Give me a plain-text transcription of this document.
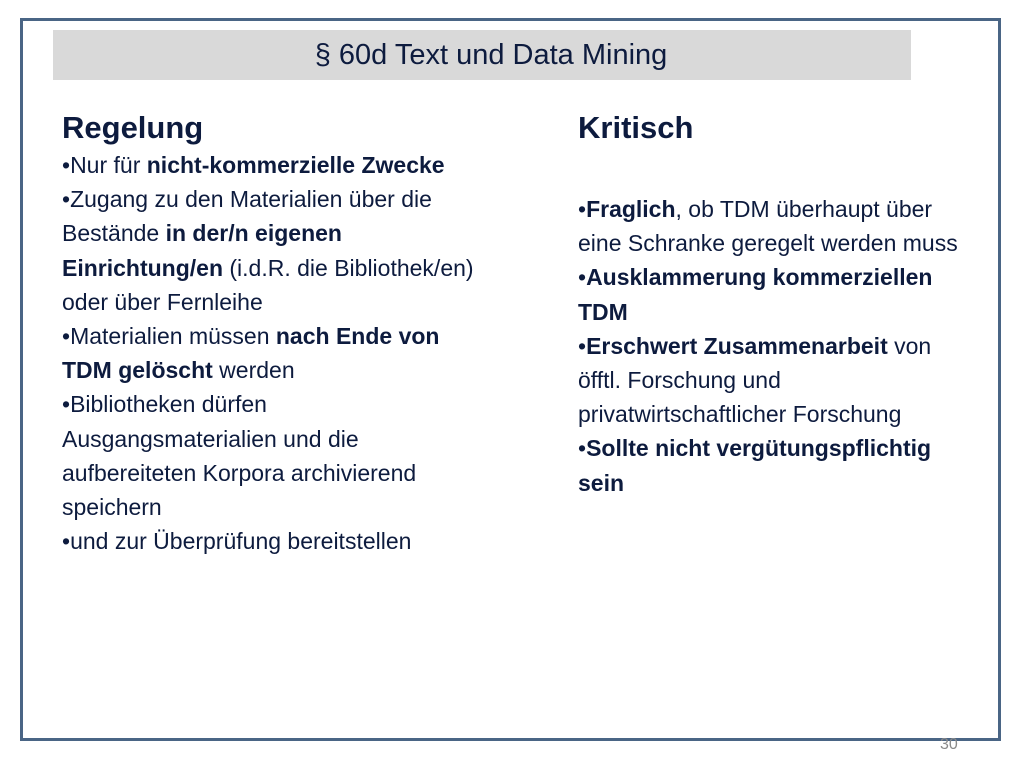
§ 60d Text und Data Mining
Regelung
•Nur für nicht-kommerzielle Zwecke
•Zugang zu den Materialien über die Bestände in der/n eigenen Einrichtung/en (i.d.R. die Bibliothek/en) oder über Fernleihe
•Materialien müssen nach Ende von TDM gelöscht werden
•Bibliotheken dürfen Ausgangsmaterialien und die aufbereiteten Korpora archivierend speichern
•und zur Überprüfung bereitstellen
Kritisch
•Fraglich, ob TDM überhaupt über eine Schranke geregelt werden muss
•Ausklammerung kommerziellen TDM
•Erschwert Zusammenarbeit von öfftl. Forschung und privatwirtschaftlicher Forschung
•Sollte nicht vergütungspflichtig sein
30
